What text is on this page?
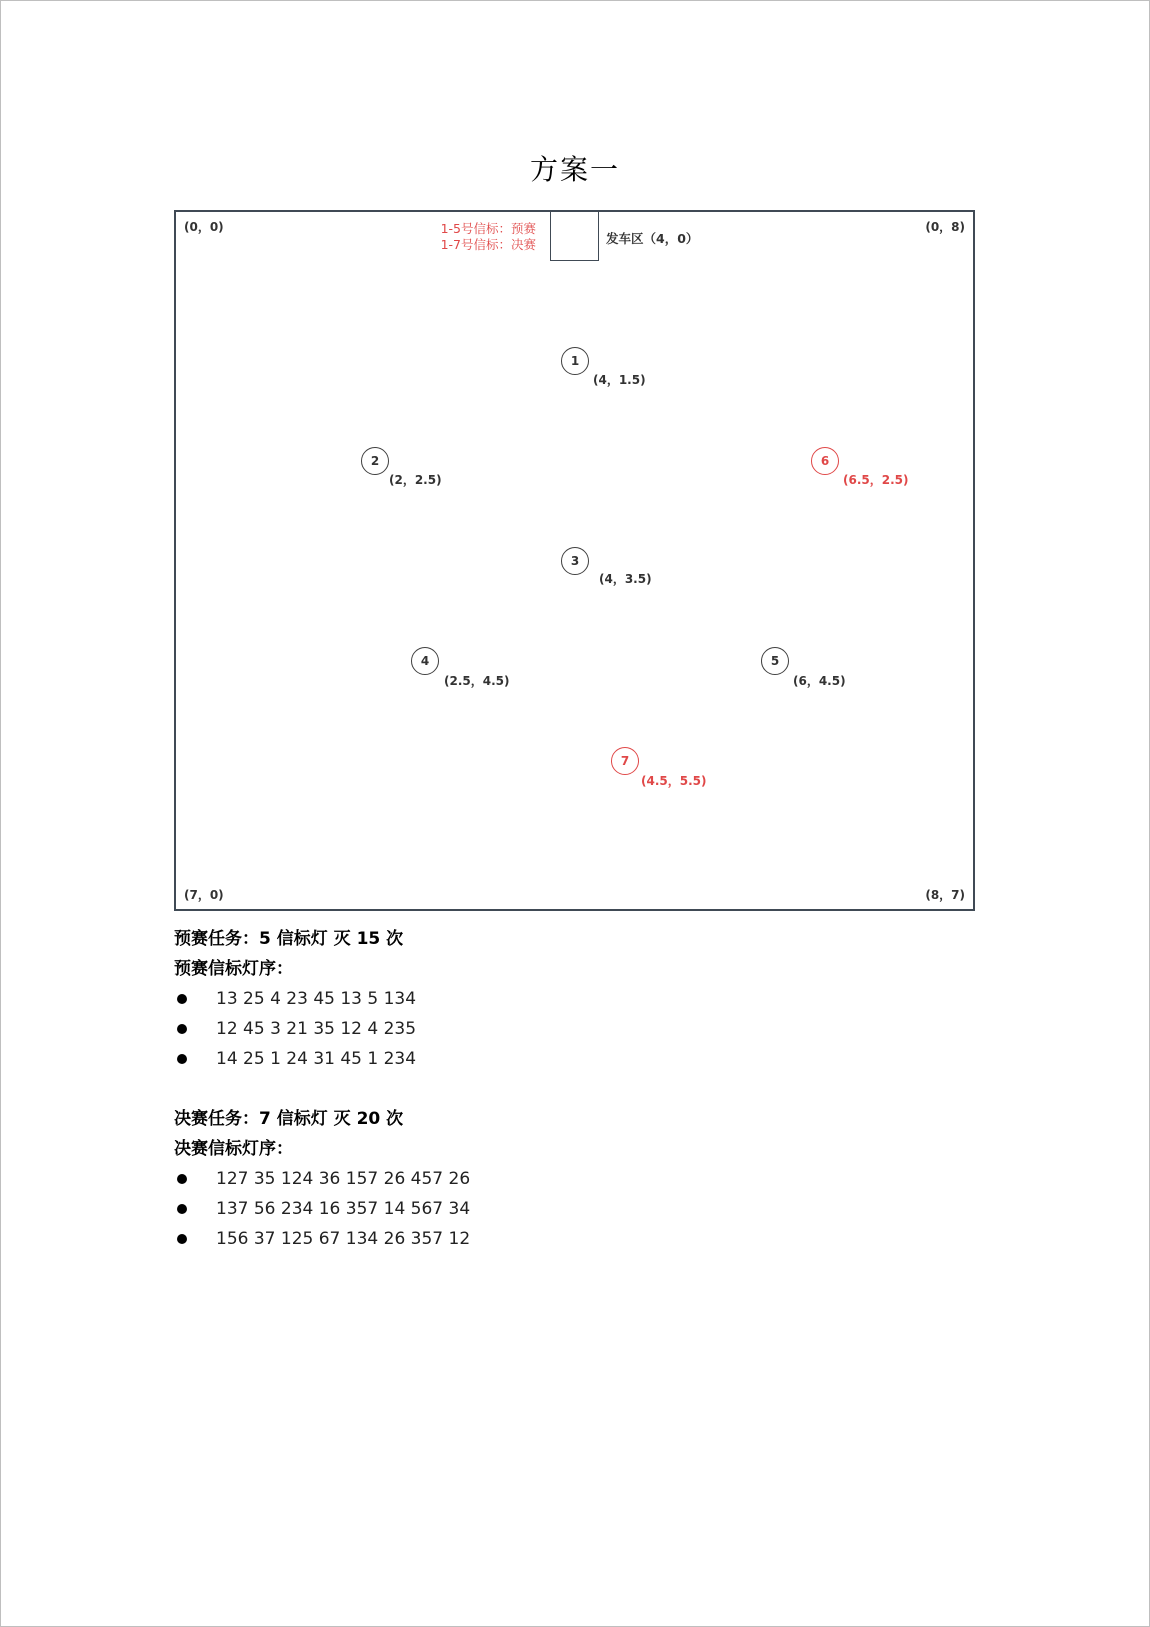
方案一
(0，0)	(0，8)
(7，0)	(8，7)
发车区（4，0）
1-5号信标：预赛
1-7号信标：决赛
1
(4，1.5)
2
(2，2.5)
3
(4，3.5)
4
(2.5，4.5)
5
(6，4.5)
6
(6.5，2.5)
7
(4.5，5.5)
预赛任务：5 信标灯 灭 15 次
预赛信标灯序：
13 25 4 23 45 13 5 134
12 45 3 21 35 12 4 235
14 25 1 24 31 45 1 234
决赛任务：7 信标灯 灭 20 次
决赛信标灯序：
127 35 124 36 157 26 457 26
137 56 234 16 357 14 567 34
156 37 125 67 134 26 357 12
